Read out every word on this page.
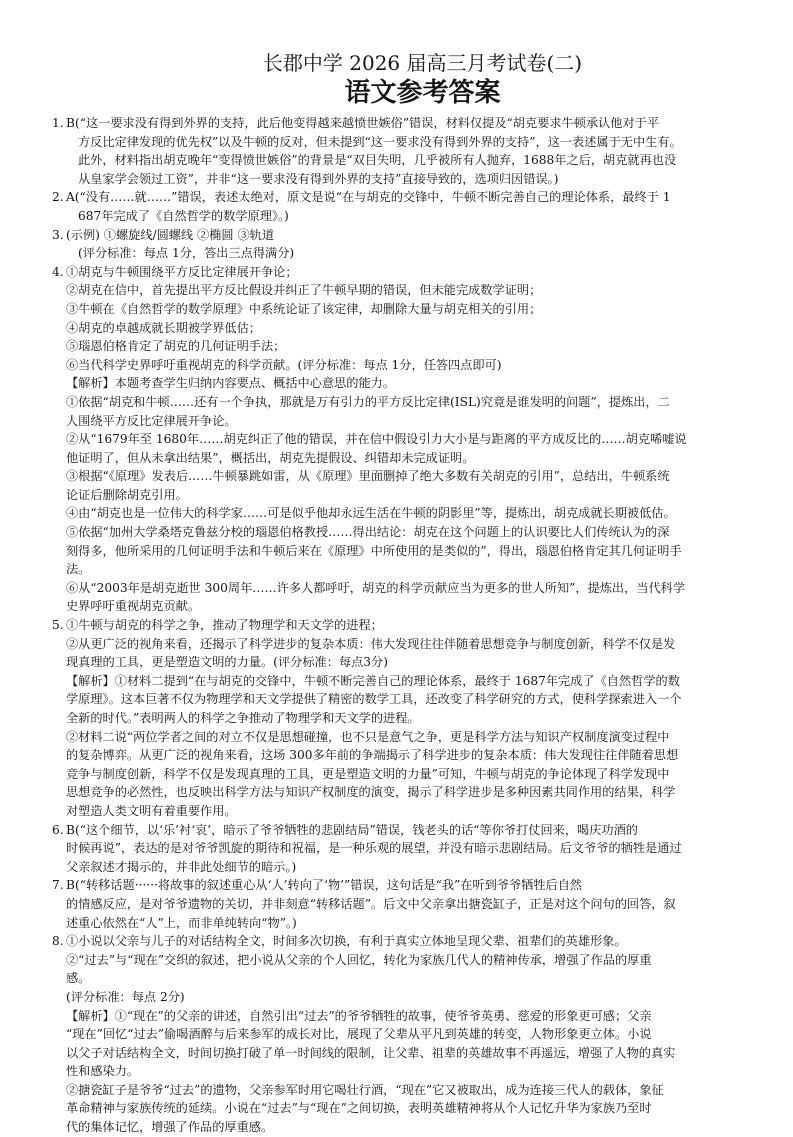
长郡中学 2026 届高三月考试卷(二)
语文参考答案
1. B(“这一要求没有得到外界的支持，此后他变得越来越愤世嫉俗”错误，材料仅提及“胡克要求牛顿承认他对于平

方反比定律发现的优先权”以及牛顿的反对，但未提到“这一要求没有得到外界的支持”，这一表述属于无中生有。

此外，材料指出胡克晚年“变得愤世嫉俗”的背景是“双目失明，几乎被所有人抛弃，1688年之后，胡克就再也没

从皇家学会领过工资”，并非“这一要求没有得到外界的支持”直接导致的，选项归因错误。)

2. A(“没有……就……”错误，表述太绝对，原文是说“在与胡克的交锋中，牛顿不断完善自己的理论体系，最终于 1

687年完成了《自然哲学的数学原理》。)

3. (示例) ①螺旋线/圆螺线 ②椭圆 ③轨道

(评分标准：每点 1分，答出三点得满分)

4. ①胡克与牛顿围绕平方反比定律展开争论；

②胡克在信中，首先提出平方反比假设并纠正了牛顿早期的错误，但未能完成数学证明；

③牛顿在《自然哲学的数学原理》中系统论证了该定律，却删除大量与胡克相关的引用；

④胡克的卓越成就长期被学界低估；

⑤瑙恩伯格肯定了胡克的几何证明手法；

⑥当代科学史界呼吁重视胡克的科学贡献。(评分标准：每点 1分，任答四点即可)

【解析】本题考查学生归纳内容要点、概括中心意思的能力。

①依据“胡克和牛顿……还有一个争执，那就是万有引力的平方反比定律(ISL)究竟是谁发明的问题”，提炼出，二

人围绕平方反比定律展开争论。

②从“1679年至 1680年……胡克纠正了他的错误，并在信中假设引力大小是与距离的平方成反比的……胡克唏嘘说

他证明了，但从未拿出结果”，概括出，胡克先提假设、纠错却未完成证明。

③根据“《原理》发表后……牛顿暴跳如雷，从《原理》里面删掉了绝大多数有关胡克的引用”，总结出，牛顿系统

论证后删除胡克引用。

④由“胡克也是一位伟大的科学家……可是似乎他却永远生活在牛顿的阴影里”等，提炼出，胡克成就长期被低估。

⑤依据“加州大学桑塔克鲁兹分校的瑙恩伯格教授……得出结论：胡克在这个问题上的认识要比人们传统认为的深

刻得多，他所采用的几何证明手法和牛顿后来在《原理》中所使用的是类似的”，得出，瑙恩伯格肯定其几何证明手

法。

⑥从“2003年是胡克逝世 300周年……许多人都呼吁，胡克的科学贡献应当为更多的世人所知”，提炼出，当代科学

史界呼吁重视胡克贡献。

5. ①牛顿与胡克的科学之争，推动了物理学和天文学的进程；

②从更广泛的视角来看，还揭示了科学进步的复杂本质：伟大发现往往伴随着思想竞争与制度创新，科学不仅是发

现真理的工具，更是塑造文明的力量。(评分标准：每点3分)

【解析】①材料二提到“在与胡克的交锋中，牛顿不断完善自己的理论体系，最终于 1687年完成了《自然哲学的数

学原理》。这本巨著不仅为物理学和天文学提供了精密的数学工具，还改变了科学研究的方式，使科学探索进入一个

全新的时代。”表明两人的科学之争推动了物理学和天文学的进程。

②材料二说“两位学者之间的对立不仅是思想碰撞，也不只是意气之争，更是科学方法与知识产权制度演变过程中

的复杂博弈。从更广泛的视角来看，这场 300多年前的争端揭示了科学进步的复杂本质：伟大发现往往伴随着思想

竞争与制度创新，科学不仅是发现真理的工具，更是塑造文明的力量”可知，牛顿与胡克的争论体现了科学发现中

思想竞争的必然性，也反映出科学方法与知识产权制度的演变，揭示了科学进步是多种因素共同作用的结果，科学

对塑造人类文明有着重要作用。

6. B(“这个细节，以‘乐’衬‘哀’，暗示了爷爷牺牲的悲剧结局”错误，钱老头的话“等你爷打仗回来，喝庆功酒的

时候再说”，表达的是对爷爷凯旋的期待和祝福，是一种乐观的展望，并没有暗示悲剧结局。后文爷爷的牺牲是通过

父亲叙述才揭示的，并非此处细节的暗示。)

7. B(“转移话题······将故事的叙述重心从‘人’转向了‘物’”错误，这句话是“我”在听到爷爷牺牲后自然

的情感反应，是对爷爷遗物的关切，并非刻意“转移话题”。后文中父亲拿出搪瓷缸子，正是对这个问句的回答，叙

述重心依然在“人”上，而非单纯转向“物”。)

8. ①小说以父亲与儿子的对话结构全文，时间多次切换，有利于真实立体地呈现父辈、祖辈们的英雄形象。

②“过去”与“现在”交织的叙述，把小说从父亲的个人回忆，转化为家族几代人的精神传承，增强了作品的厚重

感。

(评分标准：每点 2分)

【解析】①“现在”的父亲的讲述，自然引出“过去”的爷爷牺牲的故事，使爷爷英勇、慈爱的形象更可感；父亲

“现在”回忆“过去”偷喝酒醉与后来参军的成长对比，展现了父辈从平凡到英雄的转变，人物形象更立体。小说

以父子对话结构全文，时间切换打破了单一时间线的限制，让父辈、祖辈的英雄故事不再遥远，增强了人物的真实

性和感染力。

②搪瓷缸子是爷爷“过去”的遗物，父亲参军时用它喝壮行酒，“现在”它又被取出，成为连接三代人的载体，象征

革命精神与家族传统的延续。小说在“过去”与“现在”之间切换，表明英雄精神将从个人记忆升华为家族乃至时

代的集体记忆，增强了作品的厚重感。
